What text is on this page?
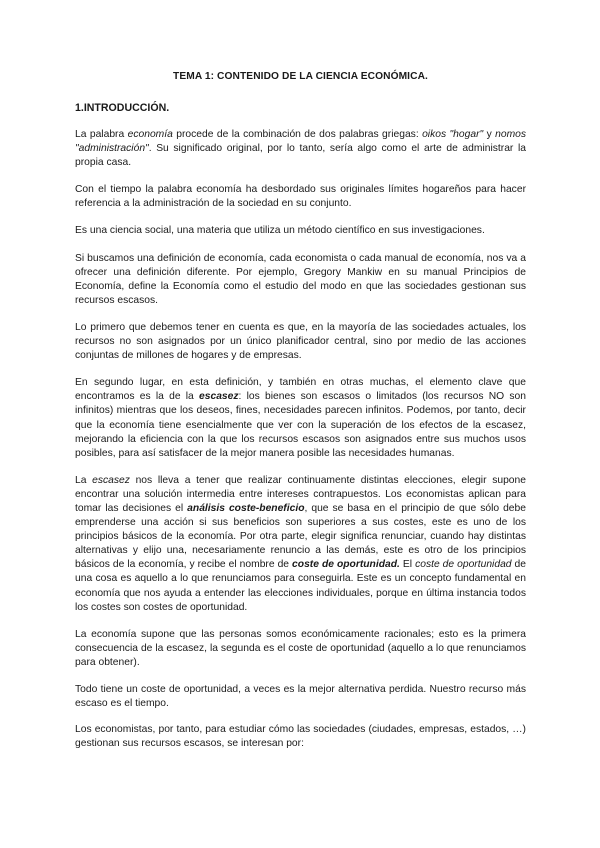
TEMA 1: CONTENIDO DE LA CIENCIA ECONÓMICA.
1.INTRODUCCIÓN.

La palabra economía procede de la combinación de dos palabras griegas: oikos "hogar" y nomos "administración". Su significado original, por lo tanto, sería algo como el arte de administrar la propia casa.

Con el tiempo la palabra economía ha desbordado sus originales límites hogareños para hacer referencia a la administración de la sociedad en su conjunto.

Es una ciencia social, una materia que utiliza un método científico en sus investigaciones.

Si buscamos una definición de economía, cada economista o cada manual de economía, nos va a ofrecer una definición diferente. Por ejemplo, Gregory Mankiw en su manual Principios de Economía, define la Economía como el estudio del modo en que las sociedades gestionan sus recursos escasos.

Lo primero que debemos tener en cuenta es que, en la mayoría de las sociedades actuales, los recursos no son asignados por un único planificador central, sino por medio de las acciones conjuntas de millones de hogares y de empresas.

En segundo lugar, en esta definición, y también en otras muchas, el elemento clave que encontramos es la de la escasez: los bienes son escasos o limitados (los recursos NO son infinitos) mientras que los deseos, fines, necesidades parecen infinitos. Podemos, por tanto, decir que la economía tiene esencialmente que ver con la superación de los efectos de la escasez, mejorando la eficiencia con la que los recursos escasos son asignados entre sus muchos usos posibles, para así satisfacer de la mejor manera posible las necesidades humanas.

La escasez nos lleva a tener que realizar continuamente distintas elecciones, elegir supone encontrar una solución intermedia entre intereses contrapuestos. Los economistas aplican para tomar las decisiones el análisis coste-beneficio, que se basa en el principio de que sólo debe emprenderse una acción si sus beneficios son superiores a sus costes, este es uno de los principios básicos de la economía. Por otra parte, elegir significa renunciar, cuando hay distintas alternativas y elijo una, necesariamente renuncio a las demás, este es otro de los principios básicos de la economía, y recibe el nombre de coste de oportunidad. El coste de oportunidad de una cosa es aquello a lo que renunciamos para conseguirla. Este es un concepto fundamental en economía que nos ayuda a entender las elecciones individuales, porque en última instancia todos los costes son costes de oportunidad.

La economía supone que las personas somos económicamente racionales; esto es la primera consecuencia de la escasez, la segunda es el coste de oportunidad (aquello a lo que renunciamos para obtener).

Todo tiene un coste de oportunidad, a veces es la mejor alternativa perdida. Nuestro recurso más escaso es el tiempo.

Los economistas, por tanto, para estudiar cómo las sociedades (ciudades, empresas, estados, …) gestionan sus recursos escasos, se interesan por:
